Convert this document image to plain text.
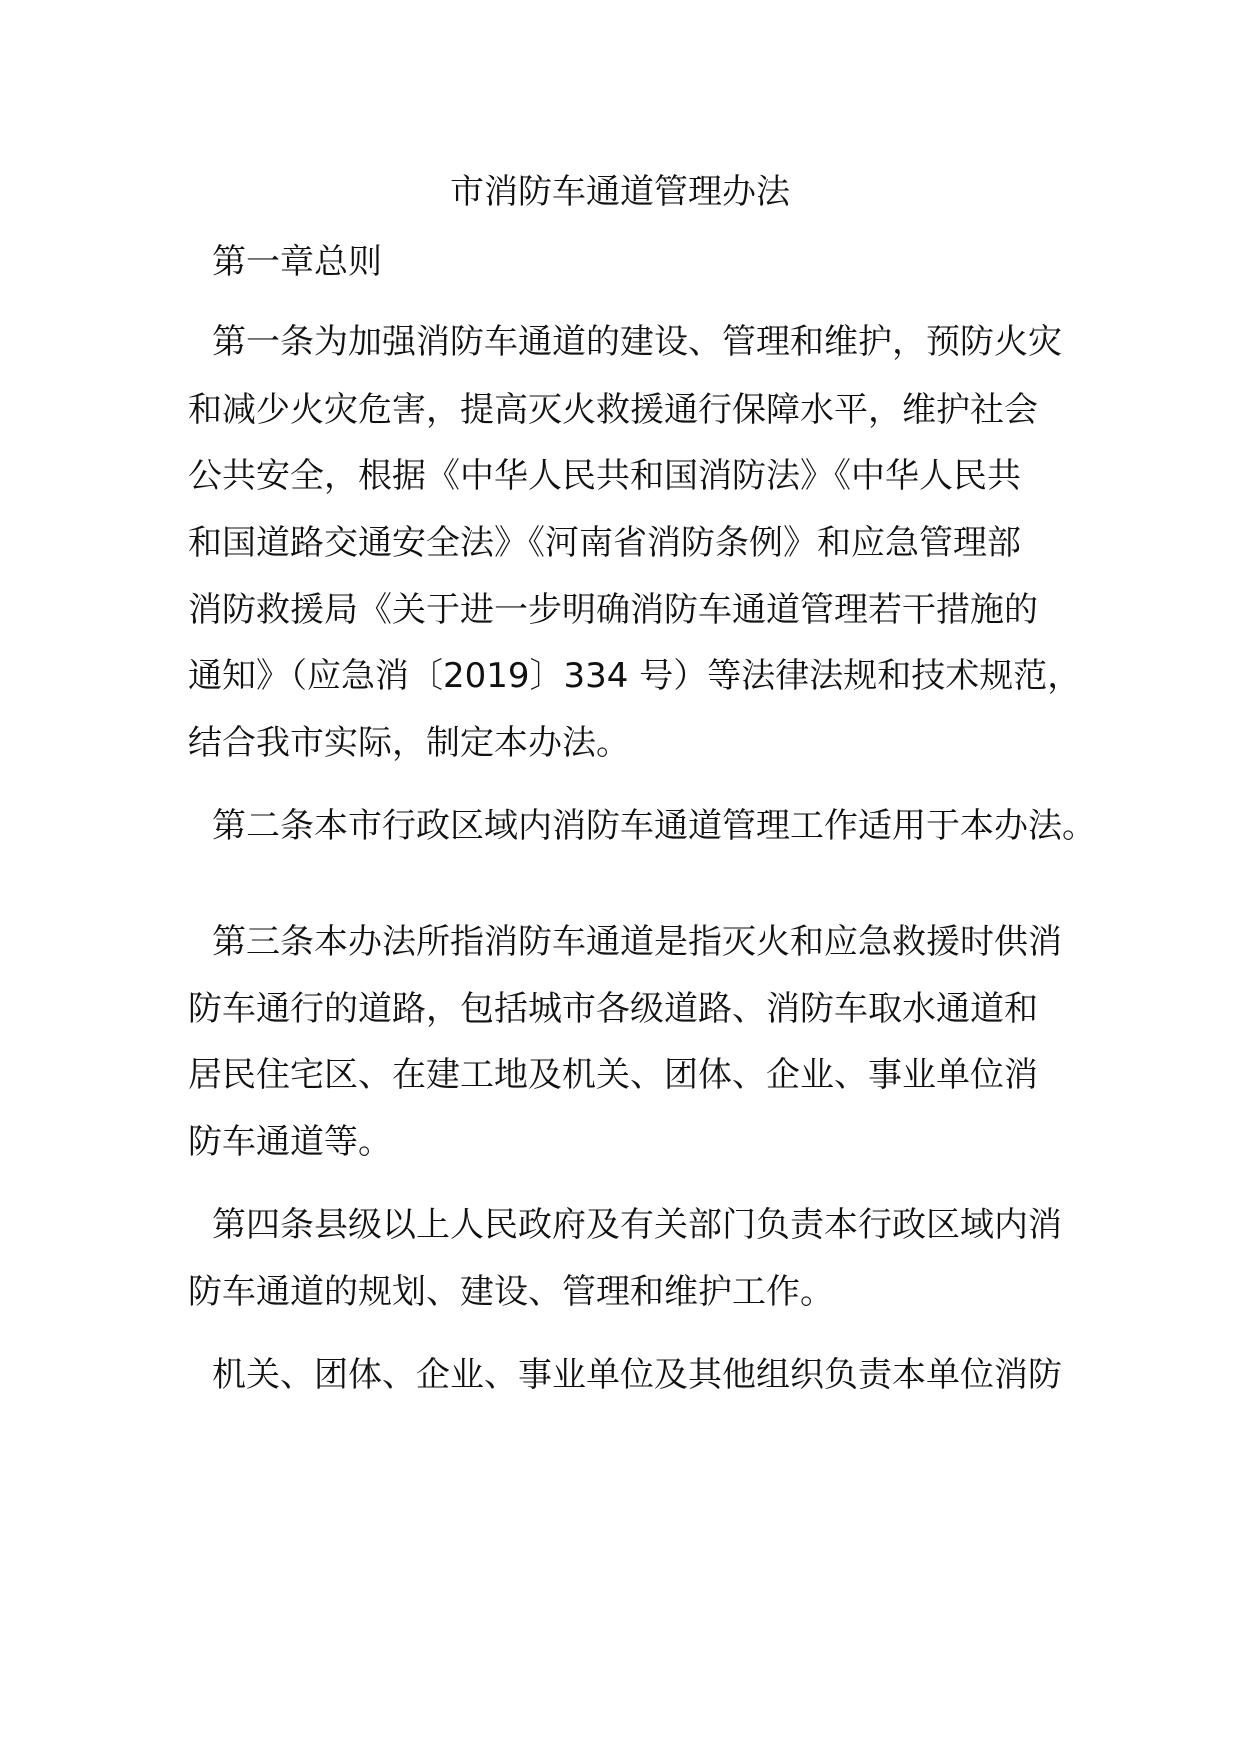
市消防车通道管理办法
第一章总则
第一条为加强消防车通道的建设、管理和维护，预防火灾
和减少火灾危害，提高灭火救援通行保障水平，维护社会
公共安全，根据《中华人民共和国消防法》《中华人民共
和国道路交通安全法》《河南省消防条例》和应急管理部
消防救援局《关于进一步明确消防车通道管理若干措施的
通知》（应急消〔2019〕334 号）等法律法规和技术规范，
结合我市实际，制定本办法。
第二条本市行政区域内消防车通道管理工作适用于本办法。
第三条本办法所指消防车通道是指灭火和应急救援时供消
防车通行的道路，包括城市各级道路、消防车取水通道和
居民住宅区、在建工地及机关、团体、企业、事业单位消
防车通道等。
第四条县级以上人民政府及有关部门负责本行政区域内消
防车通道的规划、建设、管理和维护工作。
机关、团体、企业、事业单位及其他组织负责本单位消防
